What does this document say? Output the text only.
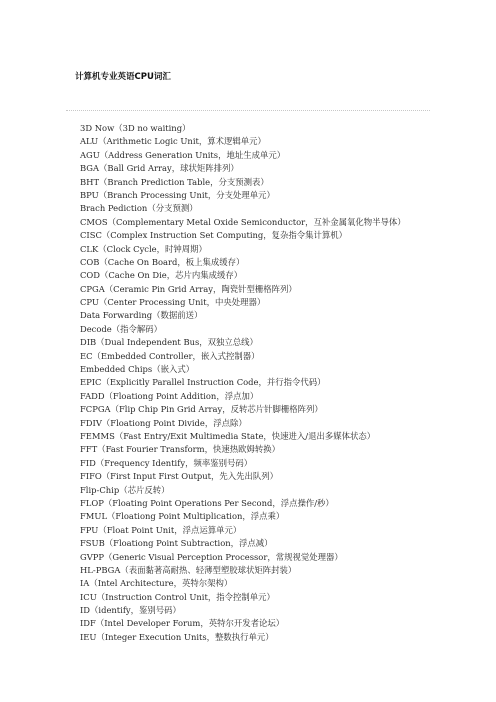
计算机专业英语CPU词汇
3D Now（3D no waiting）
ALU（Arithmetic Logic Unit，算术逻辑单元）
AGU（Address Generation Units，地址生成单元）
BGA（Ball Grid Array，球状矩阵排列）
BHT（Branch Prediction Table，分支预测表）
BPU（Branch Processing Unit，分支处理单元）
Brach Pediction（分支预测）
CMOS（Complementary Metal Oxide Semiconductor，互补金属氧化物半导体）
CISC（Complex Instruction Set Computing，复杂指令集计算机）
CLK（Clock Cycle，时钟周期）
COB（Cache On Board，板上集成缓存）
COD（Cache On Die，芯片内集成缓存）
CPGA（Ceramic Pin Grid Array，陶瓷针型栅格阵列）
CPU（Center Processing Unit，中央处理器）
Data Forwarding（数据前送）
Decode（指令解码）
DIB（Dual Independent Bus，双独立总线）
EC（Embedded Controller，嵌入式控制器）
Embedded Chips（嵌入式）
EPIC（Explicitly Parallel Instruction Code，并行指令代码）
FADD（Floationg Point Addition，浮点加）
FCPGA（Flip Chip Pin Grid Array，反转芯片针脚栅格阵列）
FDIV（Floationg Point Divide，浮点除）
FEMMS（Fast Entry/Exit Multimedia State，快速进入/退出多媒体状态）
FFT（Fast Fourier Transform，快速热欧姆转换）
FID（Frequency Identify，频率鉴别号码）
FIFO（First Input First Output，先入先出队列）
Flip-Chip（芯片反转）
FLOP（Floating Point Operations Per Second，浮点操作/秒）
FMUL（Floationg Point Multiplication，浮点乘）
FPU（Float Point Unit，浮点运算单元）
FSUB（Floationg Point Subtraction，浮点减）
GVPP（Generic Visual Perception Processor，常规视觉处理器）
HL-PBGA（表面黏著高耐热、轻薄型塑胶球状矩阵封装）
IA（Intel Architecture，英特尔架构）
ICU（Instruction Control Unit，指令控制单元）
ID（identify，鉴别号码）
IDF（Intel Developer Forum，英特尔开发者论坛）
IEU（Integer Execution Units，整数执行单元）
